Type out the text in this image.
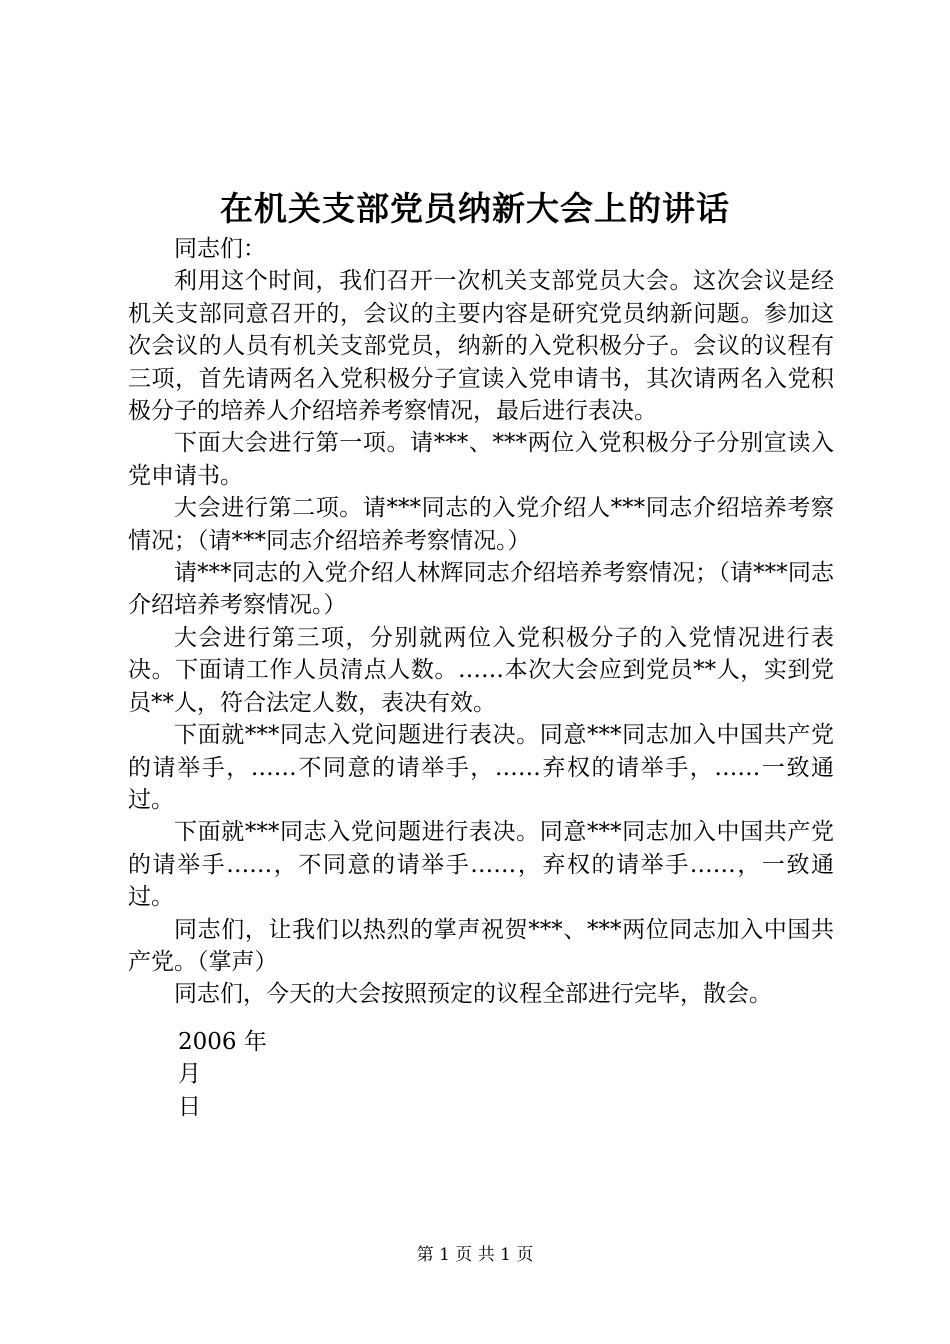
在机关支部党员纳新大会上的讲话

同志们：

利用这个时间，我们召开一次机关支部党员大会。这次会议是经机关支部同意召开的，会议的主要内容是研究党员纳新问题。参加这次会议的人员有机关支部党员，纳新的入党积极分子。会议的议程有三项，首先请两名入党积极分子宣读入党申请书，其次请两名入党积极分子的培养人介绍培养考察情况，最后进行表决。

下面大会进行第一项。请***、***两位入党积极分子分别宣读入党申请书。

大会进行第二项。请***同志的入党介绍人***同志介绍培养考察情况；（请***同志介绍培养考察情况。）

请***同志的入党介绍人林辉同志介绍培养考察情况；（请***同志介绍培养考察情况。）

大会进行第三项，分别就两位入党积极分子的入党情况进行表决。下面请工作人员清点人数。……本次大会应到党员**人，实到党员**人，符合法定人数，表决有效。

下面就***同志入党问题进行表决。同意***同志加入中国共产党的请举手，……不同意的请举手，……弃权的请举手，……一致通过。

下面就***同志入党问题进行表决。同意***同志加入中国共产党的请举手……，不同意的请举手……，弃权的请举手……，一致通过。

同志们，让我们以热烈的掌声祝贺***、***两位同志加入中国共产党。（掌声）

同志们，今天的大会按照预定的议程全部进行完毕，散会。

2006 年
月
日
第 1 页 共 1 页
